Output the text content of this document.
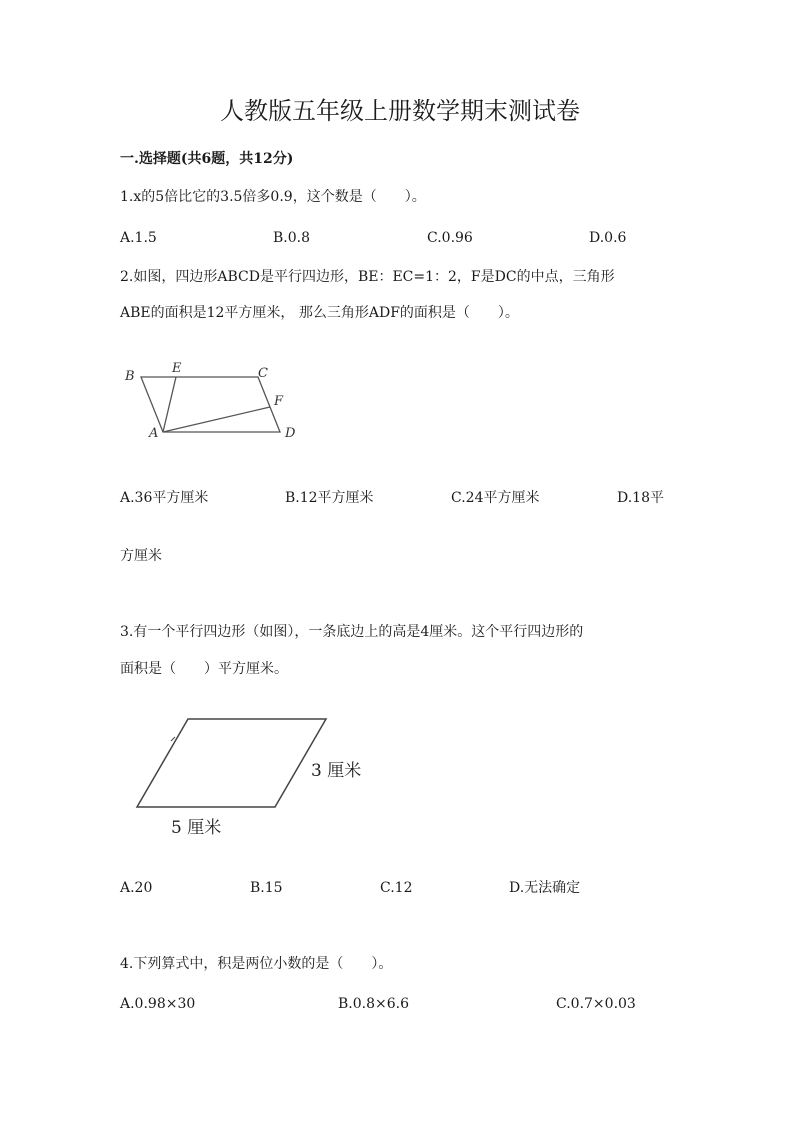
人教版五年级上册数学期末测试卷
一.选择题(共6题，共12分)
1.x的5倍比它的3.5倍多0.9，这个数是（　　）。
A.1.5	B.0.8	C.0.96	D.0.6
2.如图，四边形ABCD是平行四边形，BE：EC=1：2，F是DC的中点，三角形
ABE的面积是12平方厘米， 那么三角形ADF的面积是（　　）。
B
E	C
F
A	D
A.36平方厘米	B.12平方厘米	C.24平方厘米	D.18平
方厘米
3.有一个平行四边形（如图），一条底边上的高是4厘米。这个平行四边形的
面积是（　　）平方厘米。
3 厘米
5 厘米
A.20	B.15	C.12	D.无法确定
4.下列算式中，积是两位小数的是（　　）。
A.0.98×30	B.0.8×6.6	C.0.7×0.03
